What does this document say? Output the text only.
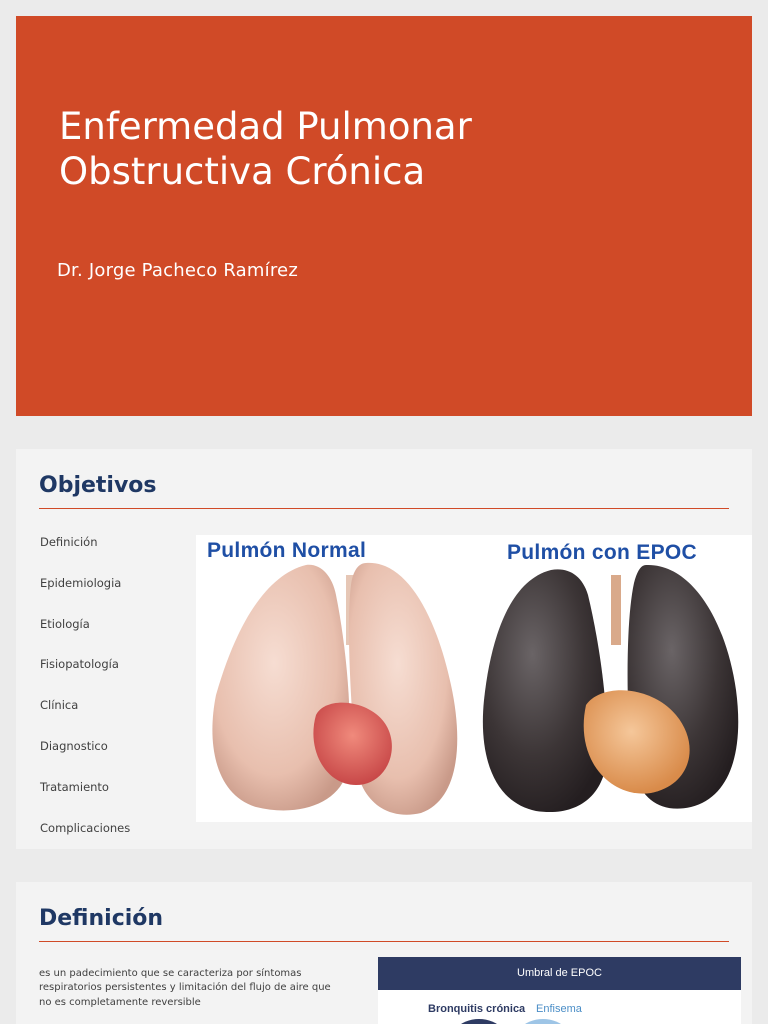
Enfermedad Pulmonar
Obstructiva Crónica
Dr. Jorge Pacheco Ramírez
Objetivos
Definición
Epidemiologia
Etiología
Fisiopatología
Clínica
Diagnostico
Tratamiento
Complicaciones
Pulmón Normal	Pulmón con EPOC
Definición

es un padecimiento que se caracteriza por síntomas respiratorios persistentes y limitación del flujo de aire que no es completamente reversible

Umbral de EPOC
Bronquitis crónica Enfisema
